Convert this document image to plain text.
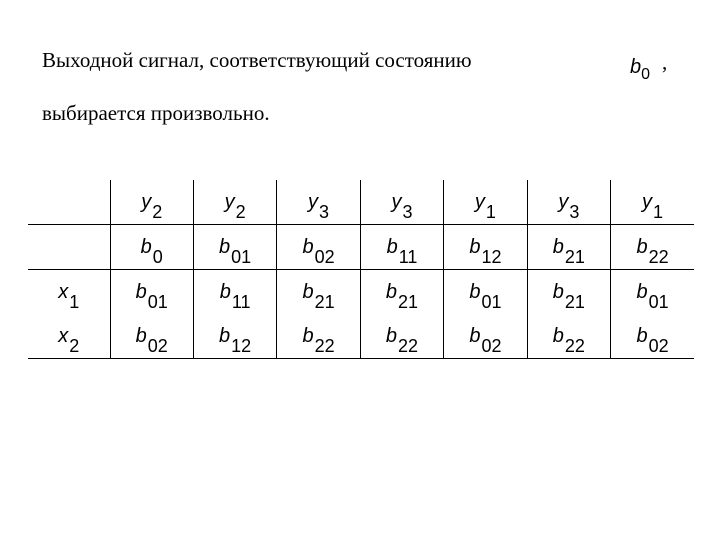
Выходной сигнал, соответствующий состоянию	$b_0$
,
выбирается произвольно.
	y2	y2	y3	y3	y1	y3	y1
	b0	b01	b02	b11	b12	b21	b22
x1	b01	b11	b21	b21	b01	b21	b01
x2	b02	b12	b22	b22	b02	b22	b02
